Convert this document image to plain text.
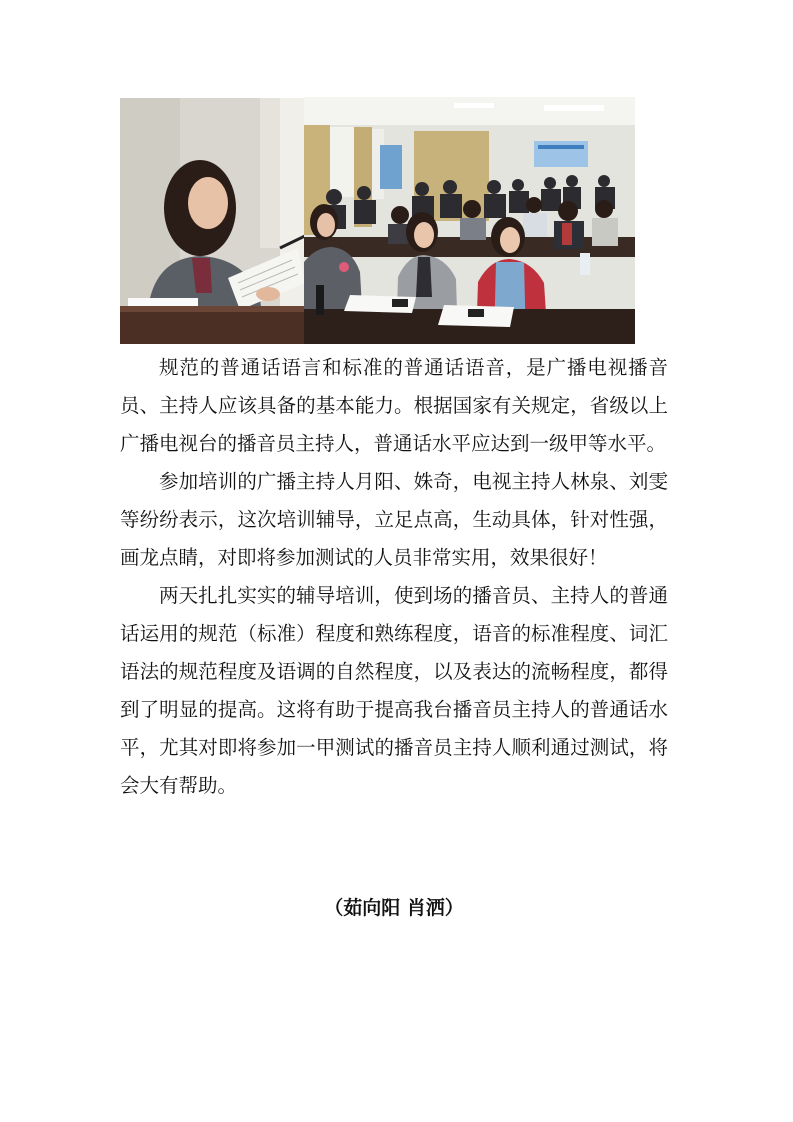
规范的普通话语言和标准的普通话语音，是广播电视播音员、主持人应该具备的基本能力。根据国家有关规定，省级以上广播电视台的播音员主持人，普通话水平应达到一级甲等水平。

参加培训的广播主持人月阳、姝奇，电视主持人林泉、刘雯等纷纷表示，这次培训辅导，立足点高，生动具体，针对性强，画龙点睛，对即将参加测试的人员非常实用，效果很好！

两天扎扎实实的辅导培训，使到场的播音员、主持人的普通话运用的规范（标准）程度和熟练程度，语音的标准程度、词汇语法的规范程度及语调的自然程度，以及表达的流畅程度，都得到了明显的提高。这将有助于提高我台播音员主持人的普通话水平，尤其对即将参加一甲测试的播音员主持人顺利通过测试，将会大有帮助。

（茹向阳 肖洒）
